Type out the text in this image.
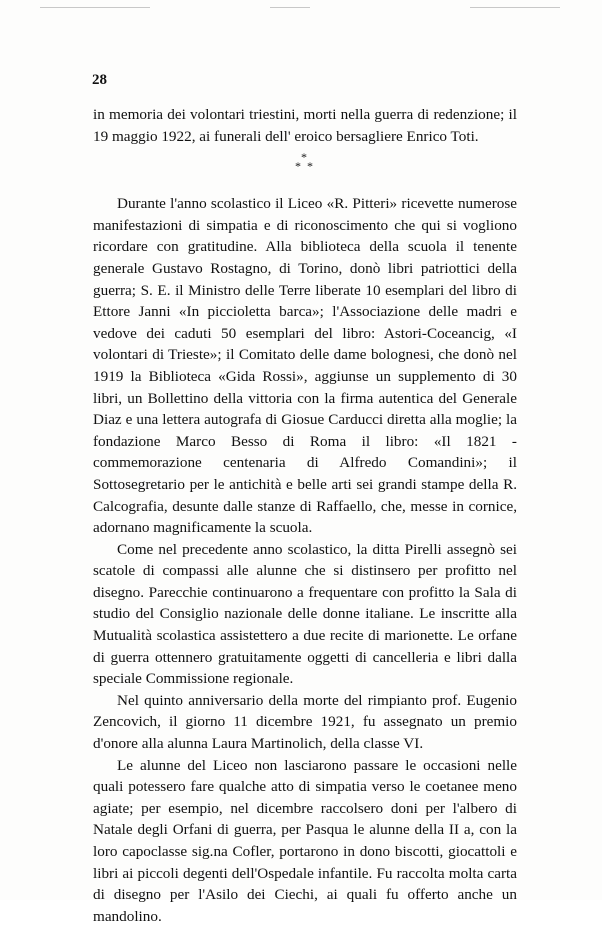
28

in memoria dei volontari triestini, morti nella guerra di redenzione; il 19 maggio 1922, ai funerali dell' eroico bersagliere Enrico Toti.

*
* *

Durante l'anno scolastico il Liceo «R. Pitteri» ricevette numerose manifestazioni di simpatia e di riconoscimento che qui si vogliono ricordare con gratitudine. Alla biblioteca della scuola il tenente generale Gustavo Rostagno, di Torino, donò libri patriottici della guerra; S. E. il Ministro delle Terre liberate 10 esemplari del libro di Ettore Janni «In piccioletta barca»; l'Associazione delle madri e vedove dei caduti 50 esemplari del libro: Astori-Coceancig, «I volontari di Trieste»; il Comitato delle dame bolognesi, che donò nel 1919 la Biblioteca «Gida Rossi», aggiunse un supplemento di 30 libri, un Bollettino della vittoria con la firma autentica del Generale Diaz e una lettera autografa di Giosue Carducci diretta alla moglie; la fondazione Marco Besso di Roma il libro: «Il 1821 - commemorazione centenaria di Alfredo Comandini»; il Sottosegretario per le antichità e belle arti sei grandi stampe della R. Calcografia, desunte dalle stanze di Raffaello, che, messe in cornice, adornano magnificamente la scuola.

Come nel precedente anno scolastico, la ditta Pirelli assegnò sei scatole di compassi alle alunne che si distinsero per profitto nel disegno. Parecchie continuarono a frequentare con profitto la Sala di studio del Consiglio nazionale delle donne italiane. Le inscritte alla Mutualità scolastica assistettero a due recite di marionette. Le orfane di guerra ottennero gratuitamente oggetti di cancelleria e libri dalla speciale Commissione regionale.

Nel quinto anniversario della morte del rimpianto prof. Eugenio Zencovich, il giorno 11 dicembre 1921, fu assegnato un premio d'onore alla alunna Laura Martinolich, della classe VI.

Le alunne del Liceo non lasciarono passare le occasioni nelle quali potessero fare qualche atto di simpatia verso le coetanee meno agiate; per esempio, nel dicembre raccolsero doni per l'albero di Natale degli Orfani di guerra, per Pasqua le alunne della II a, con la loro capoclasse sig.na Cofler, portarono in dono biscotti, giocattoli e libri ai piccoli degenti dell'Ospedale infantile. Fu raccolta molta carta di disegno per l'Asilo dei Ciechi, ai quali fu offerto anche un mandolino.
